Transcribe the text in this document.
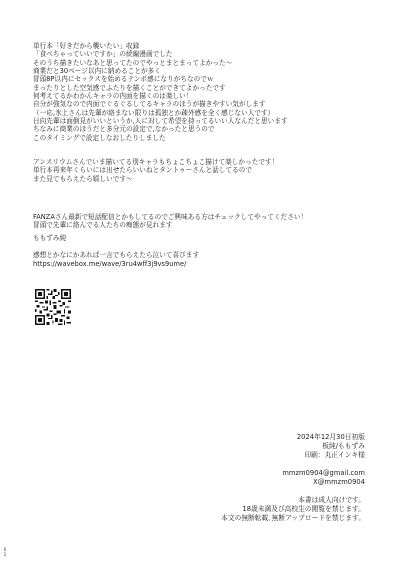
単行本「好きだから襲いたい」収録
「食べちゃっていいですか」の続編漫画でした
そのうち描きたいなあと思ってたのでやっとまとまってよかった〜
商業だと30ページ以内に納めることが多く
冒頭8P以内にセックスを始めるテンポ感になりがちなのでｗ
まったりとした空気感でふたりを描くことができてよかったです
何考えてるかわかんキャラの内面を描くのは楽しい！
自分が強気なので内面でぐるぐるしてるキャラのほうが描きやすい気がします
（一応,氷上さんは先輩が絡まない限りは孤独とか疎外感を全く感じない人です）
日向先輩は面倒見がいいというか,人に対して希望を持ってるいい人なんだと思います
ちなみに商業のほうだと多分元の設定で,なかったと思うので
このタイミングで設定しなおしたりしました
アンスリウムさんでいま描いてる別キャラもちょこちょこ描けて楽しかったです！
単行本再来年くらいには出せたらいいねとタントゥーさんと話してるので
また見てもらえたら嬉しいです〜
FANZAさん最新で短話配信とかもしてるのでご興味ある方はチェックしてやってください！
冒頭で先輩に絡んでる人たちの痴態が見れます
ももずみ純
感想とかなにかあれば一言でもらえたら泣いて喜びます
https://wavebox.me/wave/3ru4wff3j9vs9ume/
2024年12月30日初版
板純/ももずみ
印刷：丸正インキ様
mmzm0904@gmail.com
X@mmzm0904
本書は成人向けです。
18歳未満及び高校生の閲覧を禁じます。
本文の無断転載､無断アップロードを禁じます。
6 2
